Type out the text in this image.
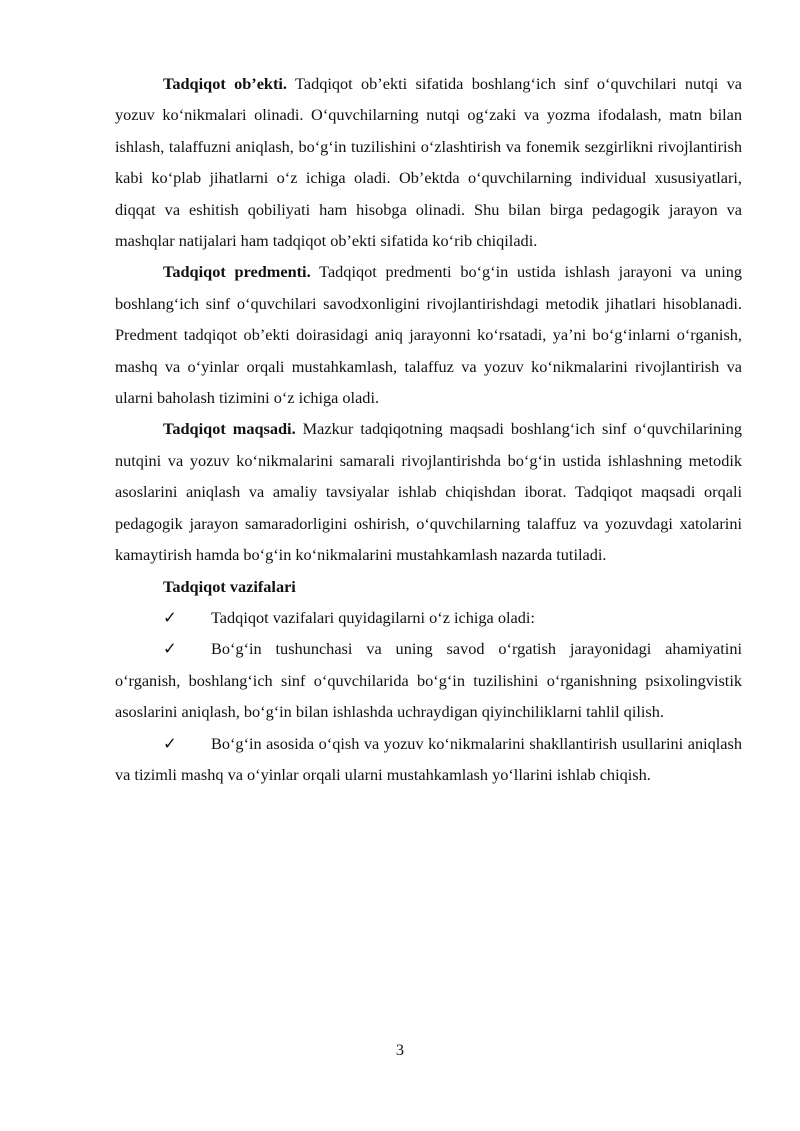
Tadqiqot ob’ekti. Tadqiqot ob’ekti sifatida boshlang‘ich sinf o‘quvchilari nutqi va yozuv ko‘nikmalari olinadi. O‘quvchilarning nutqi og‘zaki va yozma ifodalash, matn bilan ishlash, talaffuzni aniqlash, bo‘g‘in tuzilishini o‘zlashtirish va fonemik sezgirlikni rivojlantirish kabi ko‘plab jihatlarni o‘z ichiga oladi. Ob’ektda o‘quvchilarning individual xususiyatlari, diqqat va eshitish qobiliyati ham hisobga olinadi. Shu bilan birga pedagogik jarayon va mashqlar natijalari ham tadqiqot ob’ekti sifatida ko‘rib chiqiladi.

Tadqiqot predmenti. Tadqiqot predmenti bo‘g‘in ustida ishlash jarayoni va uning boshlang‘ich sinf o‘quvchilari savodxonligini rivojlantirishdagi metodik jihatlari hisoblanadi. Predment tadqiqot ob’ekti doirasidagi aniq jarayonni ko‘rsatadi, ya’ni bo‘g‘inlarni o‘rganish, mashq va o‘yinlar orqali mustahkamlash, talaffuz va yozuv ko‘nikmalarini rivojlantirish va ularni baholash tizimini o‘z ichiga oladi.

Tadqiqot maqsadi. Mazkur tadqiqotning maqsadi boshlang‘ich sinf o‘quvchilarining nutqini va yozuv ko‘nikmalarini samarali rivojlantirishda bo‘g‘in ustida ishlashning metodik asoslarini aniqlash va amaliy tavsiyalar ishlab chiqishdan iborat. Tadqiqot maqsadi orqali pedagogik jarayon samaradorligini oshirish, o‘quvchilarning talaffuz va yozuvdagi xatolarini kamaytirish hamda bo‘g‘in ko‘nikmalarini mustahkamlash nazarda tutiladi.

Tadqiqot vazifalari

✓ Tadqiqot vazifalari quyidagilarni o‘z ichiga oladi:

✓ Bo‘g‘in tushunchasi va uning savod o‘rgatish jarayonidagi ahamiyatini o‘rganish, boshlang‘ich sinf o‘quvchilarida bo‘g‘in tuzilishini o‘rganishning psixolingvistik asoslarini aniqlash, bo‘g‘in bilan ishlashda uchraydigan qiyinchiliklarni tahlil qilish.

✓ Bo‘g‘in asosida o‘qish va yozuv ko‘nikmalarini shakllantirish usullarini aniqlash va tizimli mashq va o‘yinlar orqali ularni mustahkamlash yo‘llarini ishlab chiqish.

3
